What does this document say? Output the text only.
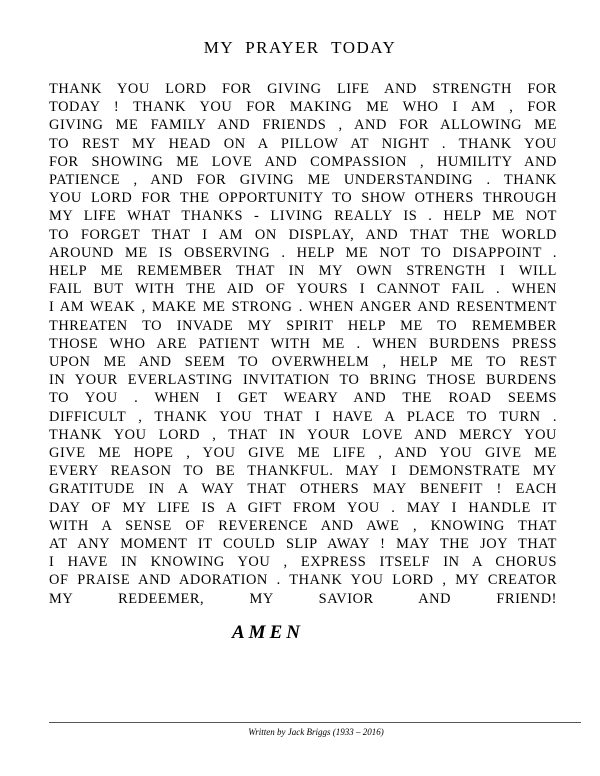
MY PRAYER TODAY
THANK YOU LORD FOR GIVING LIFE AND STRENGTH FOR
TODAY ! THANK YOU FOR MAKING ME WHO I AM , FOR
GIVING ME FAMILY AND FRIENDS , AND FOR ALLOWING ME
TO REST MY HEAD ON A PILLOW AT NIGHT . THANK YOU
FOR SHOWING ME LOVE AND COMPASSION , HUMILITY AND
PATIENCE , AND FOR GIVING ME UNDERSTANDING . THANK
YOU LORD FOR THE OPPORTUNITY TO SHOW OTHERS THROUGH
MY LIFE WHAT THANKS - LIVING REALLY IS . HELP ME NOT
TO FORGET THAT I AM ON DISPLAY, AND THAT THE WORLD
AROUND ME IS OBSERVING . HELP ME NOT TO DISAPPOINT .
HELP ME REMEMBER THAT IN MY OWN STRENGTH I WILL
FAIL BUT WITH THE AID OF YOURS I CANNOT FAIL . WHEN
I AM WEAK , MAKE ME STRONG . WHEN ANGER AND RESENTMENT
THREATEN TO INVADE MY SPIRIT HELP ME TO REMEMBER
THOSE WHO ARE PATIENT WITH ME . WHEN BURDENS PRESS
UPON ME AND SEEM TO OVERWHELM , HELP ME TO REST
IN YOUR EVERLASTING INVITATION TO BRING THOSE BURDENS
TO YOU . WHEN I GET WEARY AND THE ROAD SEEMS
DIFFICULT , THANK YOU THAT I HAVE A PLACE TO TURN .
THANK YOU LORD , THAT IN YOUR LOVE AND MERCY YOU
GIVE ME HOPE , YOU GIVE ME LIFE , AND YOU GIVE ME
EVERY REASON TO BE THANKFUL. MAY I DEMONSTRATE MY
GRATITUDE IN A WAY THAT OTHERS MAY BENEFIT ! EACH
DAY OF MY LIFE IS A GIFT FROM YOU . MAY I HANDLE IT
WITH A SENSE OF REVERENCE AND AWE , KNOWING THAT
AT ANY MOMENT IT COULD SLIP AWAY ! MAY THE JOY THAT
I HAVE IN KNOWING YOU , EXPRESS ITSELF IN A CHORUS
OF PRAISE AND ADORATION . THANK YOU LORD , MY CREATOR
MY REDEEMER, MY SAVIOR AND FRIEND!
AMEN
Written by Jack Briggs (1933 – 2016)
